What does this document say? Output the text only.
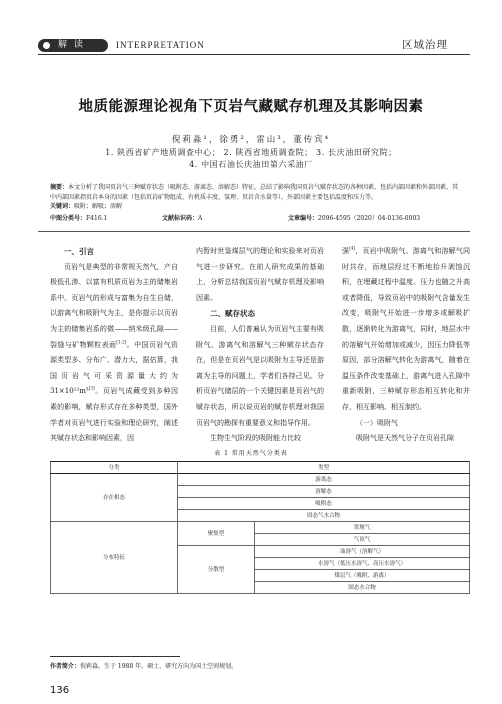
解 读	INTERPRETATION	区域治理
地质能源理论视角下页岩气藏赋存机理及其影响因素
倪莉淼¹，徐勇²，雷山³，董传宾⁴
1. 陕西省矿产地质调查中心； 2. 陕西省地质调查院； 3. 长庆油田研究院；
4. 中国石油长庆油田第六采油厂
摘要：本文分析了我国页岩气三种赋存状态（吸附态、游离态、溶解态）特征，总结了影响我国页岩气赋存状态的各种因素，包括内部因素和外部因素，其中内部因素指页岩本身的因素（包括页岩矿物组成、有机质丰度、氢理、页岩含水量等），外部因素主要包括温度和压力等。
关键词：吸附；解吸；溶解
中图分类号： F416.1	文献标识码： A	文章编号： 2096-4595（2020）04-0136-0003
一、引言

页岩气是典型的非常规天然气，产自极低孔渗、以富有机质页岩为主的储集岩系中。页岩气的形成与富集为自生自储，以游离气和吸附气为主，是你提示以页岩为主的储集岩系的微——纳米级孔隙——裂缝与矿物颗粒表面[1-2]。中国页岩气资源类型多、分布广、潜力大，据估算，我国页岩气可采资源量大约为31×10¹²m³[3]。页岩气成藏受到多种因素的影响，赋存形式存在多种类型，国外学者对页岩气进行实验和理论研究，阐述其赋存状态和影响因素，因

内暂时世鉴煤层气的理论和实验来对页岩气进一步研究。在前人研究成果的基础上，分析总结我国页岩气赋存机理及影响因素。

二、赋存状态

目前，人们普遍认为页岩气主要有吸附气、游离气和溶解气三种赋存状态存在，但是在页岩气是以吸附为主导还是游离为主导的问题上，学者们各持己见。分析页岩气储层的一个关键因素是页岩气的赋存状态，所以说页岩的赋存机理对我国页岩气的勘探有重要意义和指导作用。

生物生气阶段的吸附能力比较

强[4]，页岩中吸附气、游离气和溶解气同时共存，而地层经过不断地抬升剥蚀沉积，在埋藏过程中温度、压力也随之升高或者降低，导致页岩中的吸附气含量发生改变，吸附气开始进一步增多或解吸扩散，逐渐转化为游离气，同时，地层水中的溶解气开始增加或减少，因压力降低等原因，部分溶解气转化为游离气，随着在温压条件改变基础上，游离气进入孔隙中重新吸附，三种赋存形态相互转化和并存，相互影响、相互制约。

（一）吸附气

吸附气是天然气分子在页岩孔隙

表 1 常用天然气分类表
分类	类型	
存在相态	游离态	
	溶解态	
	吸附态	
	固态气水合物	
分布特征	聚集型	常规气
		气顶气
	分散型	油溶气（溶解气）
		水溶气（低压水溶气、高压水溶气）
		煤层气（吸附、游离）
		固态水合物
作者简介：倪莉淼，生于 1988 年，硕士，研究方向为国土空间规划。
136
